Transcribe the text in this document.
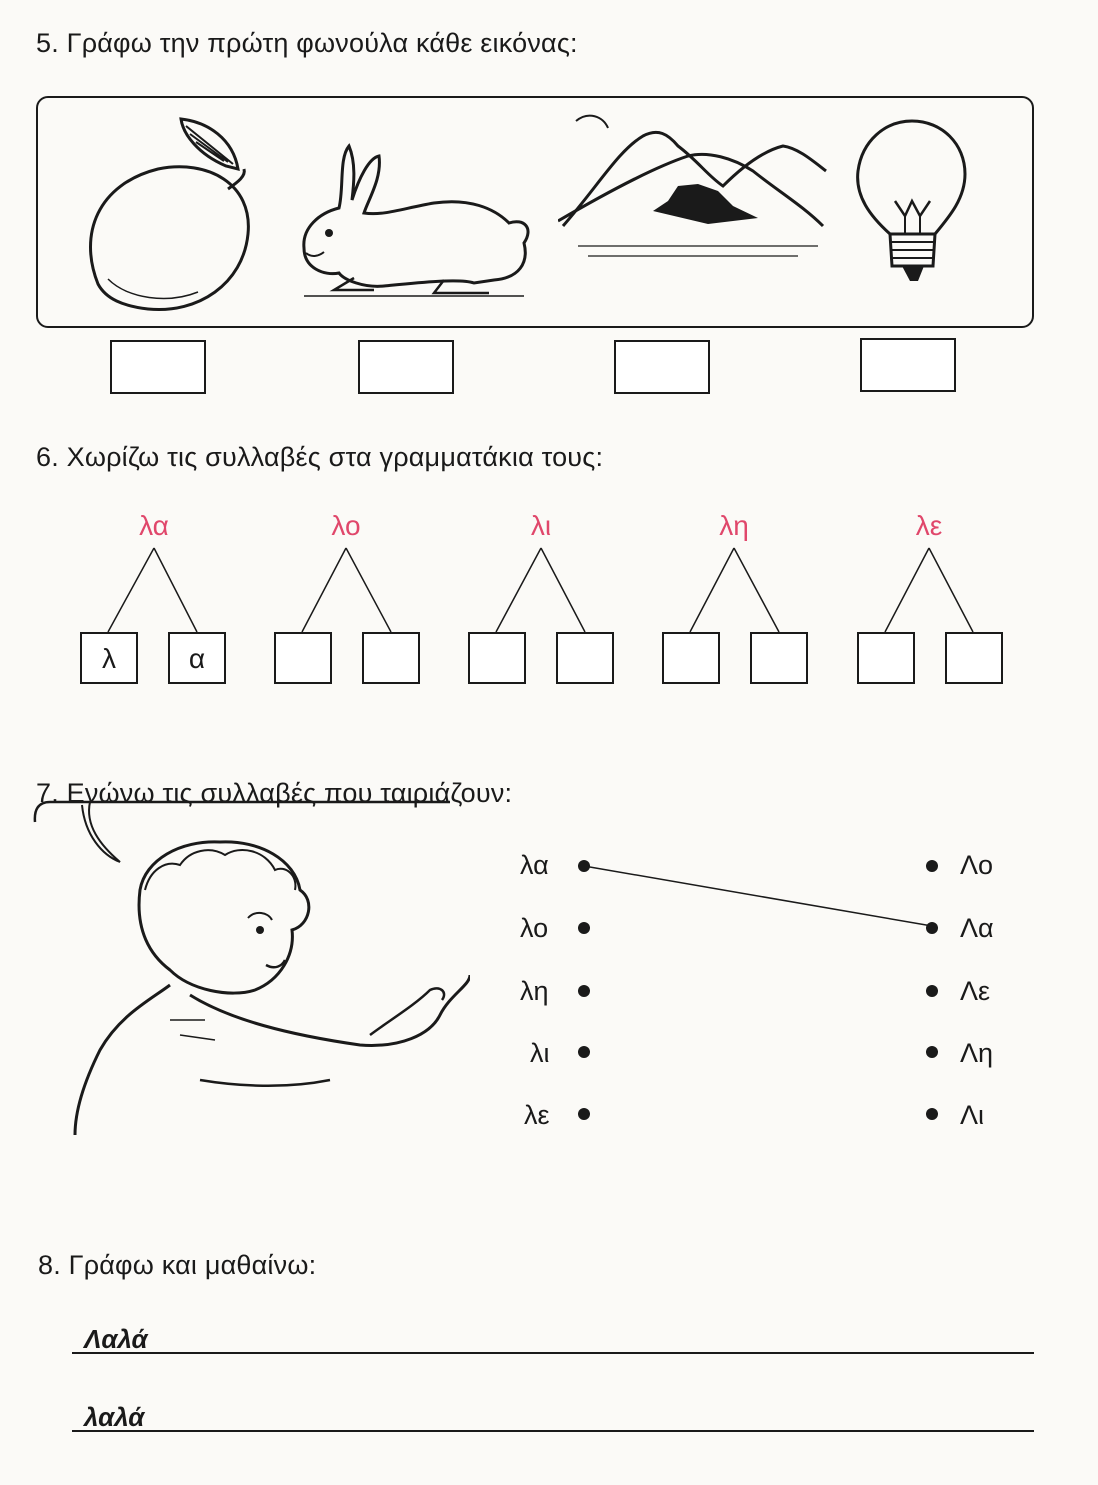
5. Γράφω την πρώτη φωνούλα κάθε εικόνας:
6. Χωρίζω τις συλλαβές στα γραμματάκια τους:
λα	λο	λι	λη	λε
λ	α
7. Ενώνω τις συλλαβές που ταιριάζουν:
λα
λο
λη
λι
λε
Λο
Λα
Λε
Λη
Λι
8. Γράφω και μαθαίνω:
Λαλά
λαλά
